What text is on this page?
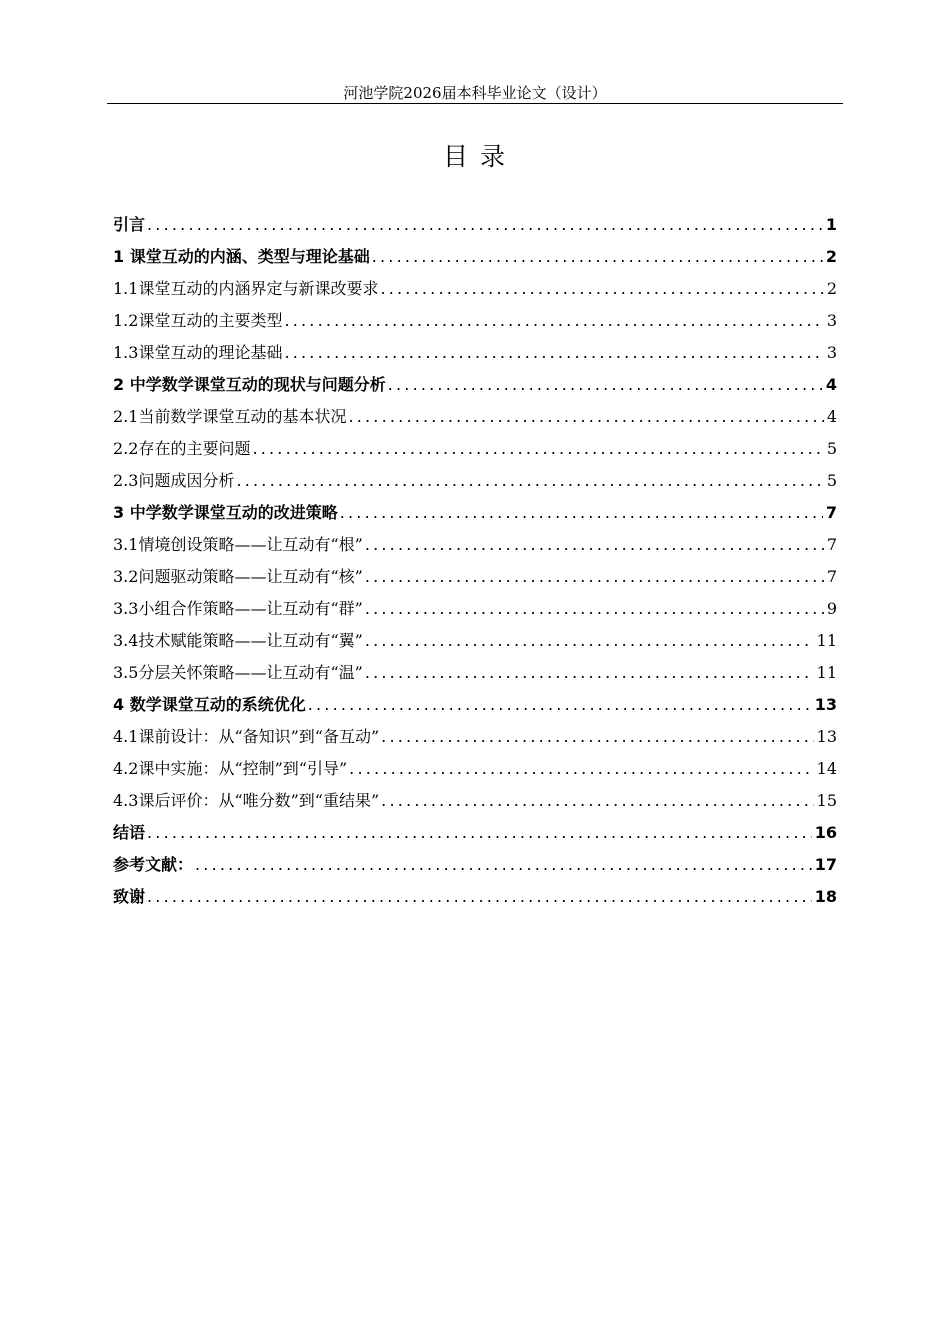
河池学院2026届本科毕业论文（设计）
目 录
引言 .....	1
1 课堂互动的内涵、类型与理论基础 .....	2
1.1课堂互动的内涵界定与新课改要求 .....	2
1.2课堂互动的主要类型 .....	3
1.3课堂互动的理论基础 .....	3
2 中学数学课堂互动的现状与问题分析 .....	4
2.1当前数学课堂互动的基本状况 .....	4
2.2存在的主要问题 .....	5
2.3问题成因分析 .....	5
3 中学数学课堂互动的改进策略 .....	7
3.1情境创设策略——让互动有“根” .....	7
3.2问题驱动策略——让互动有“核” .....	7
3.3小组合作策略——让互动有“群” .....	9
3.4技术赋能策略——让互动有“翼” .....	11
3.5分层关怀策略——让互动有“温” .....	11
4 数学课堂互动的系统优化 .....	13
4.1课前设计：从“备知识”到“备互动” .....	13
4.2课中实施：从“控制”到“引导” .....	14
4.3课后评价：从“唯分数”到“重结果” .....	15
结语 .....	16
参考文献： .....	17
致谢 .....	18
